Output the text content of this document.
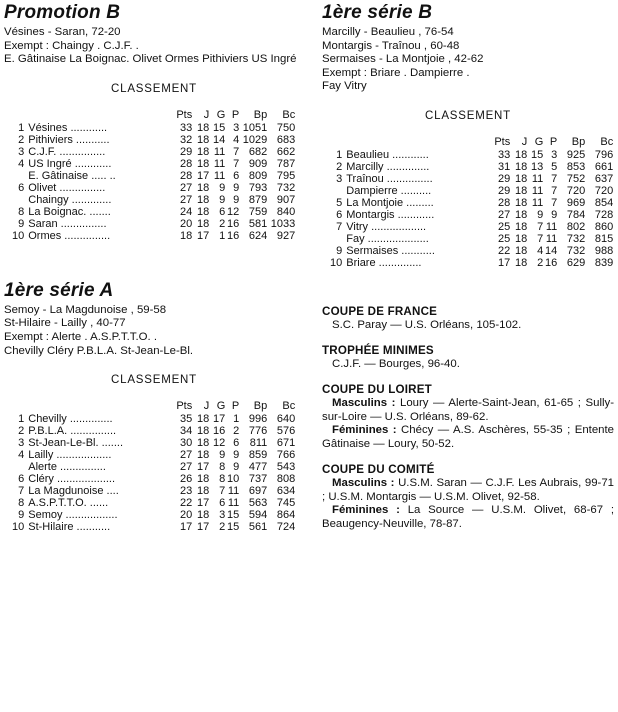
Promotion B
Vésines - Saran, 72-20
Exempt : Chaingy . C.J.F. .
E. Gâtinaise La Boignac. Olivet Ormes Pithiviers US Ingré
CLASSEMENT
		Pts	J	G	P	Bp	Bc
1	Vésines ............	33	18	15	3	1051	750
2	Pithiviers ...........	32	18	14	4	1029	683
3	C.J.F. ...............	29	18	11	7	682	662
4	US Ingré ............	28	18	11	7	909	787
	E. Gâtinaise ..... ..	28	17	11	6	809	795
6	Olivet ...............	27	18	9	9	793	732
	Chaingy .............	27	18	9	9	879	907
8	La Boignac. .......	24	18	6	12	759	840
9	Saran ...............	20	18	2	16	581	1033
10	Ormes ...............	18	17	1	16	624	927
1ère série A
Semoy - La Magdunoise , 59-58
St-Hilaire - Lailly , 40-77
Exempt : Alerte . A.S.P.T.T.O. .
Chevilly Cléry P.B.L.A. St-Jean-Le-Bl.
CLASSEMENT
		Pts	J	G	P	Bp	Bc
1	Chevilly ..............	35	18	17	1	996	640
2	P.B.L.A. ...............	34	18	16	2	776	576
3	St-Jean-Le-Bl. .......	30	18	12	6	811	671
4	Lailly ..................	27	18	9	9	859	766
	Alerte ...............	27	17	8	9	477	543
6	Cléry ...................	26	18	8	10	737	808
7	La Magdunoise ....	23	18	7	11	697	634
8	A.S.P.T.T.O. ......	22	17	6	11	563	745
9	Semoy .................	20	18	3	15	594	864
10	St-Hilaire ...........	17	17	2	15	561	724
1ère série B
Marcilly - Beaulieu , 76-54
Montargis - Traînou , 60-48
Sermaises - La Montjoie , 42-62
Exempt : Briare . Dampierre .
Fay Vitry
CLASSEMENT
		Pts	J	G	P	Bp	Bc
1	Beaulieu ............	33	18	15	3	925	796
2	Marcilly ..............	31	18	13	5	853	661
3	Traînou ...............	29	18	11	7	752	637
	Dampierre ..........	29	18	11	7	720	720
5	La Montjoie .........	28	18	11	7	969	854
6	Montargis ............	27	18	9	9	784	728
7	Vitry ..................	25	18	7	11	802	860
	Fay ....................	25	18	7	11	732	815
9	Sermaises ...........	22	18	4	14	732	988
10	Briare ..............	17	18	2	16	629	839
COUPE DE FRANCE
S.C. Paray — U.S. Orléans, 105-102.
TROPHÉE MINIMES
C.J.F. — Bourges, 96-40.
COUPE DU LOIRET

Masculins : Loury — Alerte-Saint-Jean, 61-65 ; Sully-sur-Loire — U.S. Orléans, 89-62.

Féminines : Chécy — A.S. Aschères, 55-35 ; Entente Gâtinaise — Loury, 50-52.

COUPE DU COMITÉ

Masculins : U.S.M. Saran — C.J.F. Les Aubrais, 99-71 ; U.S.M. Montargis — U.S.M. Olivet, 92-58.

Féminines : La Source — U.S.M. Olivet, 68-67 ; Beaugency-Neuville, 78-87.
